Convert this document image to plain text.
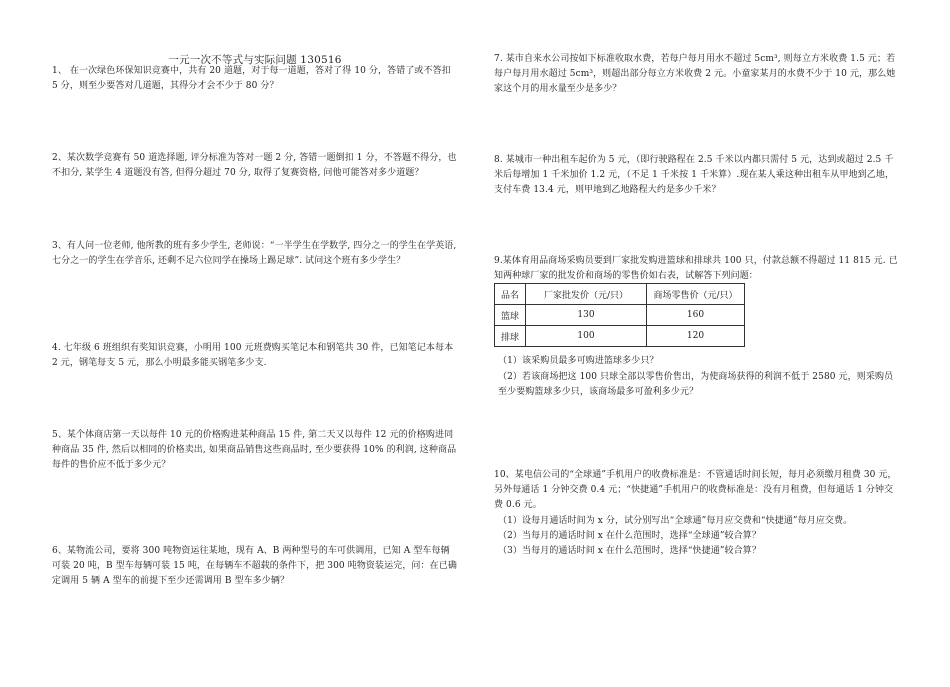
一元一次不等式与实际问题 130516

1、 在一次绿色环保知识竞赛中，共有 20 道题，对于每一道题，答对了得 10 分，答错了或不答扣 5 分，则至少要答对几道题，其得分才会不少于 80 分？

2、某次数学竞赛有 50 道选择题, 评分标准为答对一题 2 分, 答错一题倒扣 1 分，不答题不得分，也不扣分, 某学生 4 道题没有答, 但得分超过 70 分, 取得了复赛资格, 问他可能答对多少道题？

3、有人问一位老师, 他所教的班有多少学生, 老师说：“一半学生在学数学, 四分之一的学生在学英语, 七分之一的学生在学音乐, 还剩不足六位同学在操场上踢足球”. 试问这个班有多少学生？

4. 七年级 6 班组织有奖知识竞赛，小明用 100 元班费购买笔记本和钢笔共 30 件，已知笔记本每本 2 元，钢笔每支 5 元，那么小明最多能买钢笔多少支.

5、某个体商店第一天以每件 10 元的价格购进某种商品 15 件, 第二天又以每件 12 元的价格购进同种商品 35 件, 然后以相同的价格卖出, 如果商品销售这些商品时, 至少要获得 10% 的利润, 这种商品每件的售价应不低于多少元？

6、某物流公司，要将 300 吨物资运往某地，现有 A、B 两种型号的车可供调用，已知 A 型车每辆可装 20 吨，B 型车每辆可装 15 吨，在每辆车不超载的条件下，把 300 吨物资装运完，问：在已确定调用 5 辆 A 型车的前提下至少还需调用 B 型车多少辆？

7. 某市自来水公司按如下标准收取水费，若每户每月用水不超过 5cm³, 则每立方米收费 1.5 元；若每户每月用水超过 5cm³，则超出部分每立方米收费 2 元。小童家某月的水费不少于 10 元，那么她家这个月的用水量至少是多少？

8. 某城市一种出租车起价为 5 元，（即行驶路程在 2.5 千米以内都只需付 5 元，达到或超过 2.5 千米后每增加 1 千米加价 1.2 元，（不足 1 千米按 1 千米算）.现在某人乘这种出租车从甲地到乙地，支付车费 13.4 元，则甲地到乙地路程大约是多少千米？

9.某体育用品商场采购员要到厂家批发购进篮球和排球共 100 只，付款总额不得超过 11 815 元. 已知两种球厂家的批发价和商场的零售价如右表，试解答下列问题：

品名	厂家批发价（元/只）	商场零售价（元/只）
篮球	130	160
排球	100	120

（1）该采购员最多可购进篮球多少只？

（2）若该商场把这 100 只球全部以零售价售出，为使商场获得的利润不低于 2580 元，则采购员至少要购篮球多少只，该商场最多可盈利多少元？

10、某电信公司的“全球通”手机用户的收费标准是：不管通话时间长短，每月必须缴月租费 30 元，另外每通话 1 分钟交费 0.4 元；“快捷通”手机用户的收费标准是：没有月租费，但每通话 1 分钟交费 0.6 元。

（1）设每月通话时间为 x 分，试分别写出“全球通”每月应交费和“快捷通”每月应交费。

（2）当每月的通话时间 x 在什么范围时，选择“全球通”较合算？

（3）当每月的通话时间 x 在什么范围时，选择“快捷通”较合算？
